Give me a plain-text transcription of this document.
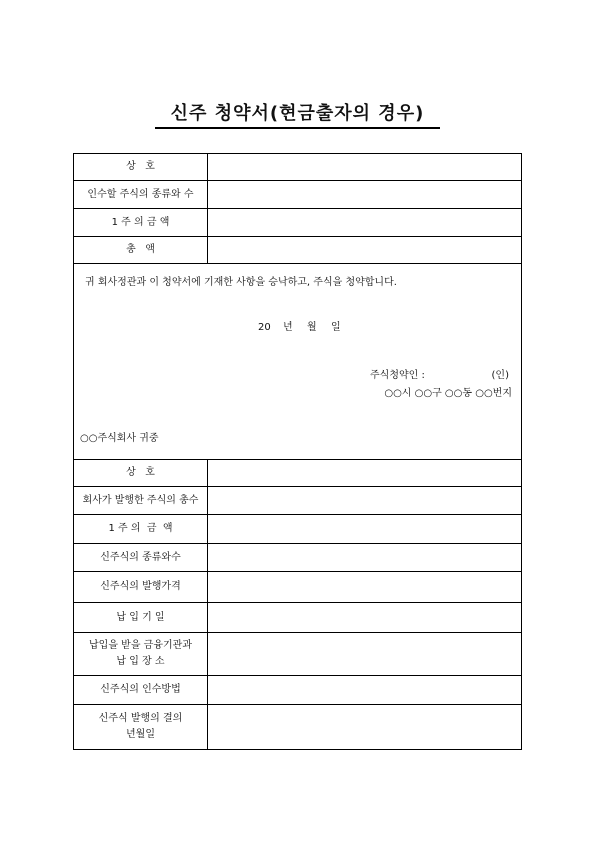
신주 청약서(현금출자의 경우)
상   호
인수할 주식의 종류와 수
1 주 의 금 액
총   액
귀 회사정관과 이 청약서에 기재한 사항을 승낙하고, 주식을 청약합니다.
20 년 월 일
주식청약인 :	(인)
○○시 ○○구 ○○동 ○○번지
○○주식회사 귀중
상   호
회사가 발행한 주식의 총수
1 주 의  금  액
신주식의 종류와수
신주식의 발행가격
납 입 기 일
납입을 받을 금융기관과
납 입 장 소
신주식의 인수방법
신주식 발행의 결의
년월일
